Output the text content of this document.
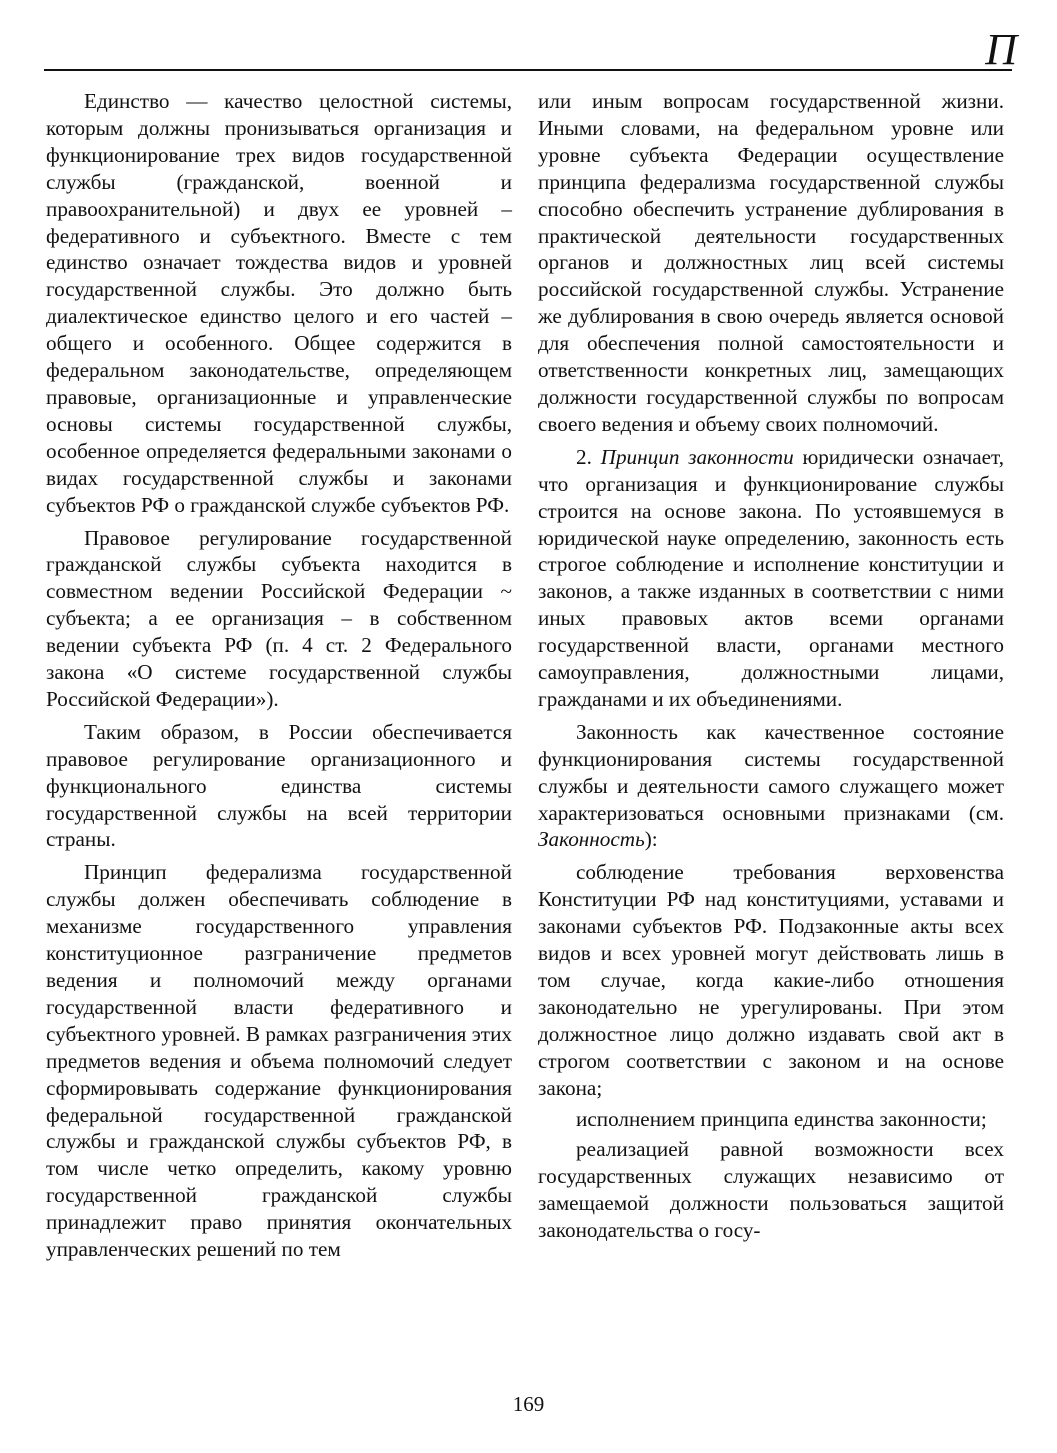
П

Единство — качество целостной системы, которым должны пронизываться организация и функционирование трех видов государственной службы (гражданской, военной и правоохранительной) и двух ее уровней – федеративного и субъектного. Вместе с тем единство означает тождества видов и уровней государственной службы. Это должно быть диалектическое единство целого и его частей – общего и особенного. Общее содержится в федеральном законодательстве, определяющем правовые, организационные и управленческие основы системы государственной службы, особенное определяется федеральными законами о видах государственной службы и законами субъектов РФ о гражданской службе субъектов РФ.

Правовое регулирование государственной гражданской службы субъекта находится в совместном ведении Российской Федерации ~ субъекта; а ее организация – в собственном ведении субъекта РФ (п. 4 ст. 2 Федерального закона «О системе государственной службы Российской Федерации»).

Таким образом, в России обеспечивается правовое регулирование организационного и функционального единства системы государственной службы на всей территории страны.

Принцип федерализма государственной службы должен обеспечивать соблюдение в механизме государственного управления конституционное разграничение предметов ведения и полномочий между органами государственной власти федеративного и субъектного уровней. В рамках разграничения этих предметов ведения и объема полномочий следует сформировывать содержание функционирования федеральной государственной гражданской службы и гражданской службы субъектов РФ, в том числе четко определить, какому уровню государственной гражданской службы принадлежит право принятия окончательных управленческих решений по тем

или иным вопросам государственной жизни. Иными словами, на федеральном уровне или уровне субъекта Федерации осуществление принципа федерализма государственной службы способно обеспечить устранение дублирования в практической деятельности государственных органов и должностных лиц всей системы российской государственной службы. Устранение же дублирования в свою очередь является основой для обеспечения полной самостоятельности и ответственности конкретных лиц, замещающих должности государственной службы по вопросам своего ведения и объему своих полномочий.

2. Принцип законности юридически означает, что организация и функционирование службы строится на основе закона. По устоявшемуся в юридической науке определению, законность есть строгое соблюдение и исполнение конституции и законов, а также изданных в соответствии с ними иных правовых актов всеми органами государственной власти, органами местного самоуправления, должностными лицами, гражданами и их объединениями.

Законность как качественное состояние функционирования системы государственной службы и деятельности самого служащего может характеризоваться основными признаками (см. Законность):

соблюдение требования верховенства Конституции РФ над конституциями, уставами и законами субъектов РФ. Подзаконные акты всех видов и всех уровней могут действовать лишь в том случае, когда какие-либо отношения законодательно не урегулированы. При этом должностное лицо должно издавать свой акт в строгом соответствии с законом и на основе закона;

исполнением принципа единства законности;

реализацией равной возможности всех государственных служащих независимо от замещаемой должности пользоваться защитой законодательства о госу-

169
